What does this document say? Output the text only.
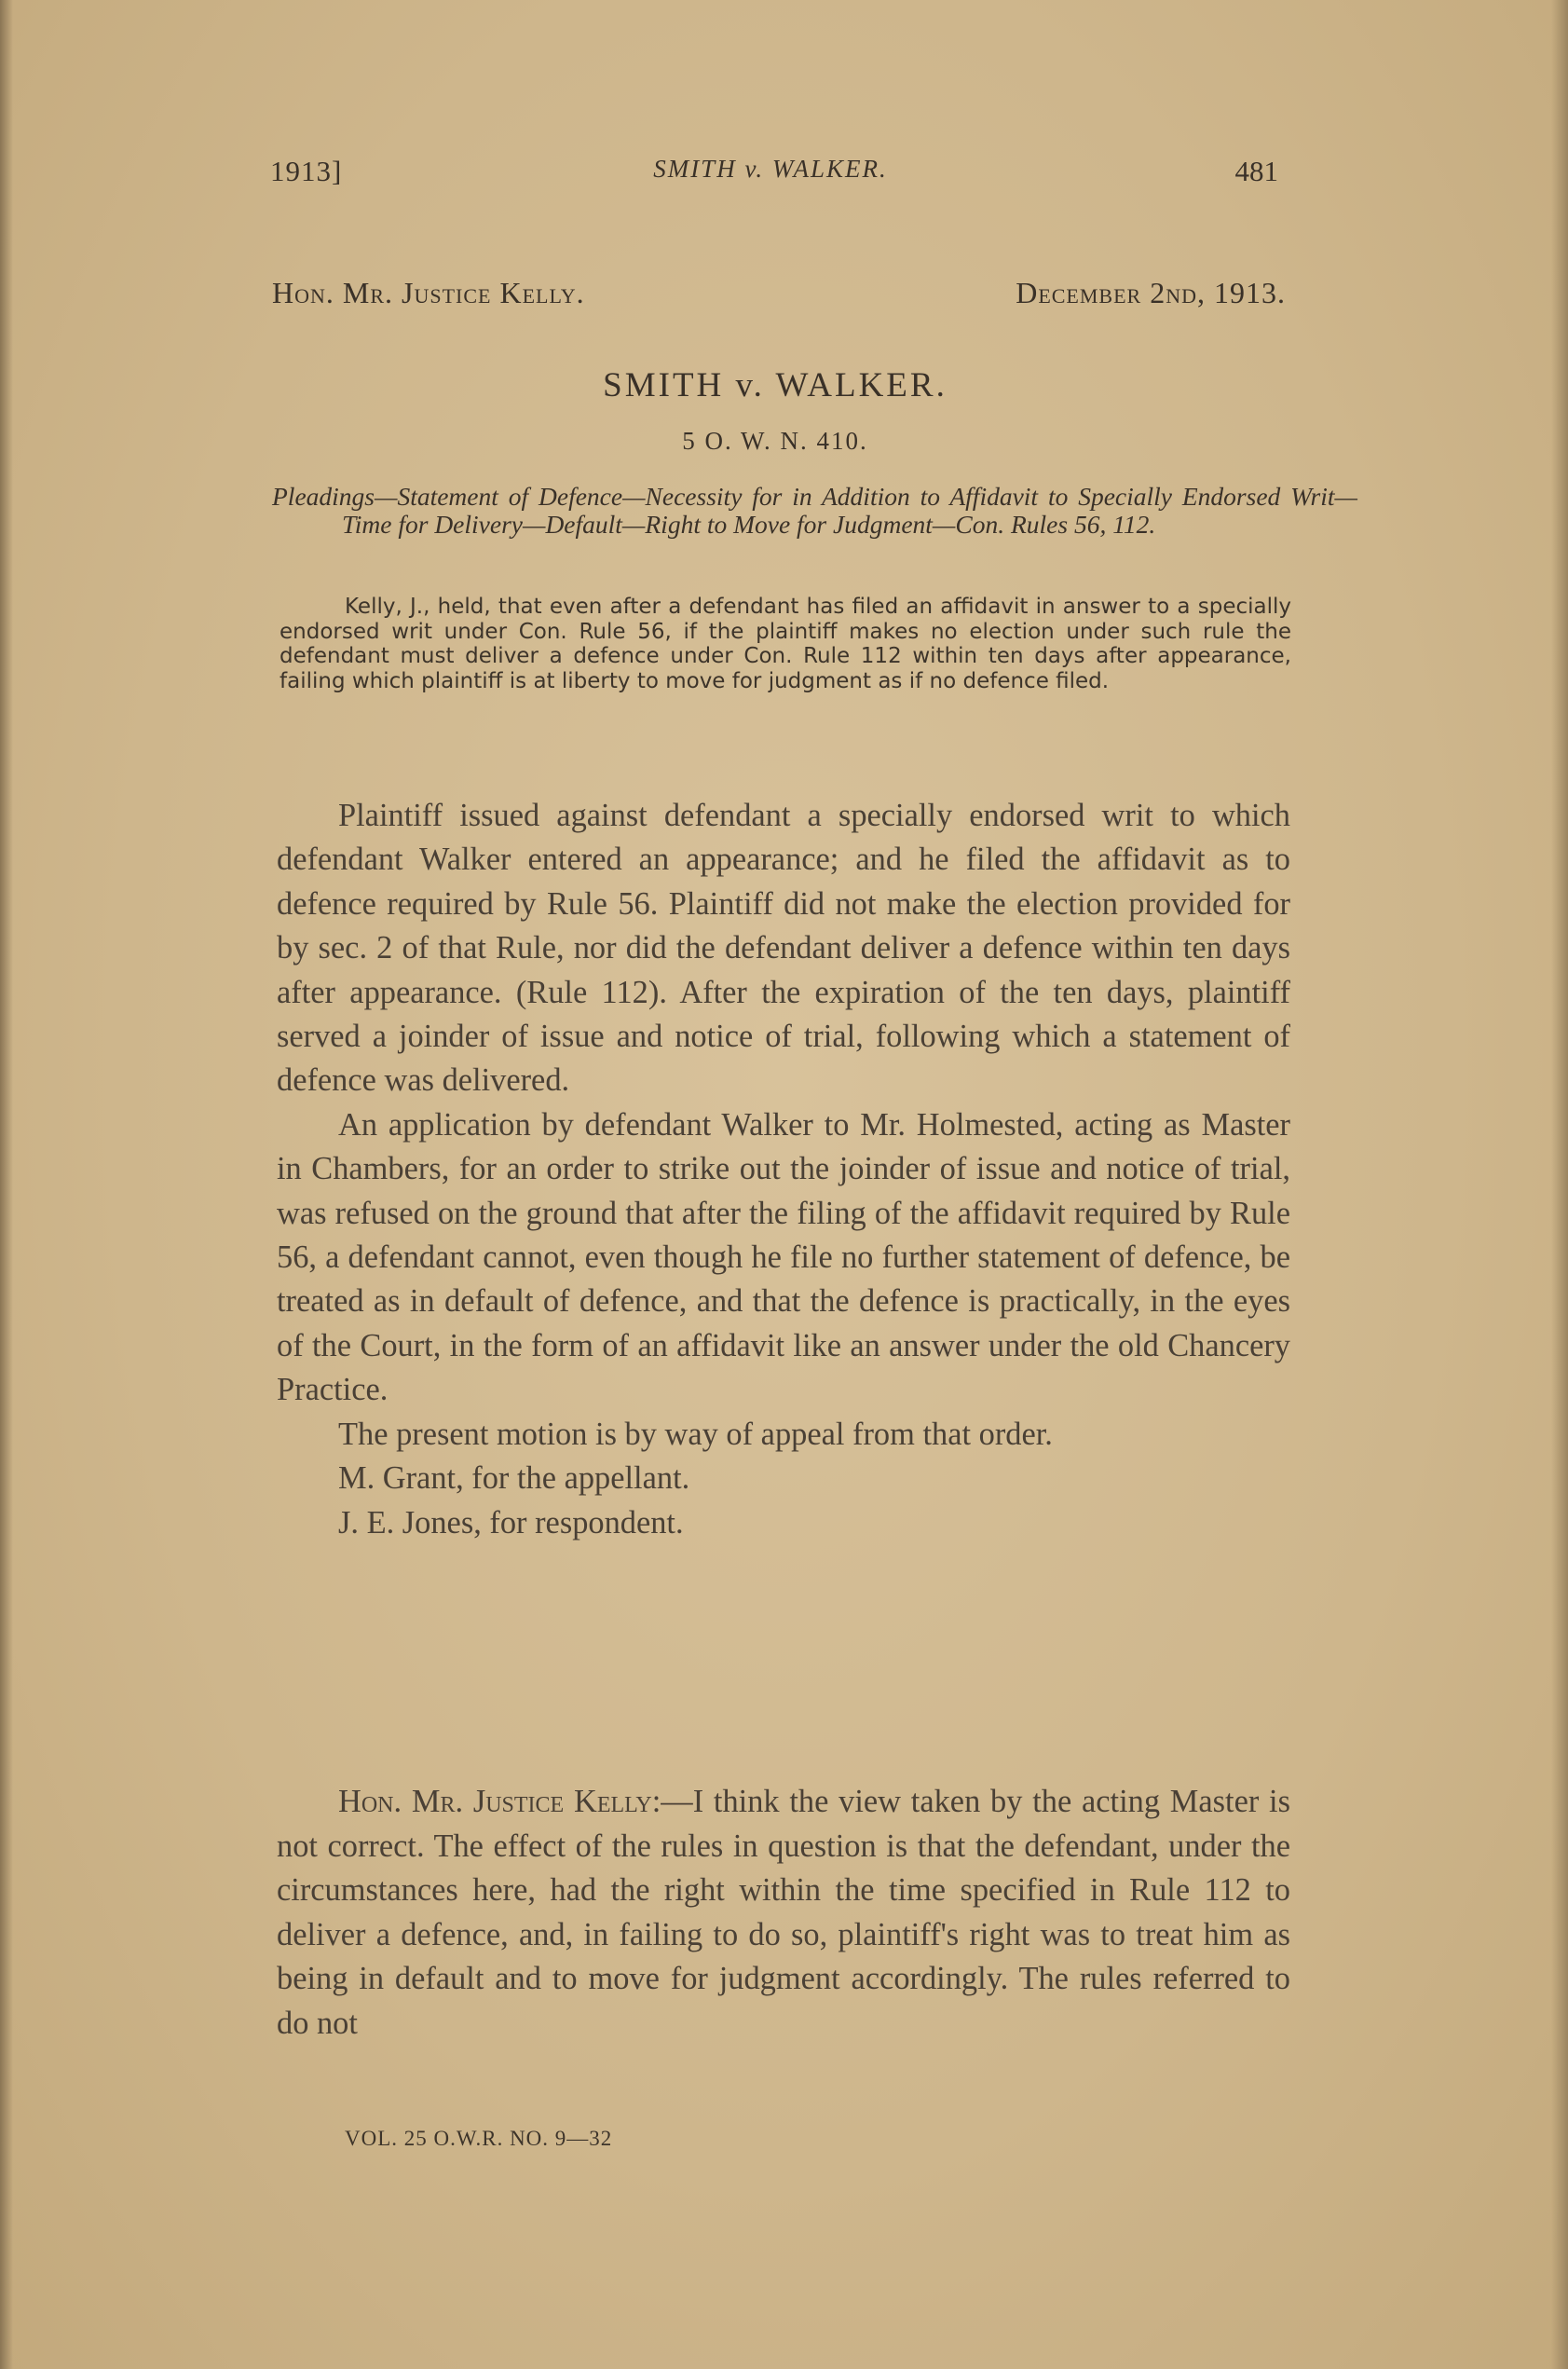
1913]	SMITH v. WALKER.	481
Hon. Mr. Justice Kelly.	December 2nd, 1913.
SMITH v. WALKER.
5 O. W. N. 410.
Pleadings—Statement of Defence—Necessity for in Addition to Affidavit to Specially Endorsed Writ—Time for Delivery—Default—Right to Move for Judgment—Con. Rules 56, 112.
Kelly, J., held, that even after a defendant has filed an affidavit in answer to a specially endorsed writ under Con. Rule 56, if the plaintiff makes no election under such rule the defendant must deliver a defence under Con. Rule 112 within ten days after appearance, failing which plaintiff is at liberty to move for judgment as if no defence filed.

Plaintiff issued against defendant a specially endorsed writ to which defendant Walker entered an appearance; and he filed the affidavit as to defence required by Rule 56. Plaintiff did not make the election provided for by sec. 2 of that Rule, nor did the defendant deliver a defence within ten days after appearance. (Rule 112). After the expiration of the ten days, plaintiff served a joinder of issue and notice of trial, following which a statement of defence was delivered.

An application by defendant Walker to Mr. Holmested, acting as Master in Chambers, for an order to strike out the joinder of issue and notice of trial, was refused on the ground that after the filing of the affidavit required by Rule 56, a defendant cannot, even though he file no further statement of defence, be treated as in default of defence, and that the defence is practically, in the eyes of the Court, in the form of an affidavit like an answer under the old Chancery Practice.

The present motion is by way of appeal from that order.

M. Grant, for the appellant.

J. E. Jones, for respondent.

Hon. Mr. Justice Kelly:—I think the view taken by the acting Master is not correct. The effect of the rules in question is that the defendant, under the circumstances here, had the right within the time specified in Rule 112 to deliver a defence, and, in failing to do so, plaintiff's right was to treat him as being in default and to move for judgment accordingly. The rules referred to do not

VOL. 25 O.W.R. NO. 9—32
